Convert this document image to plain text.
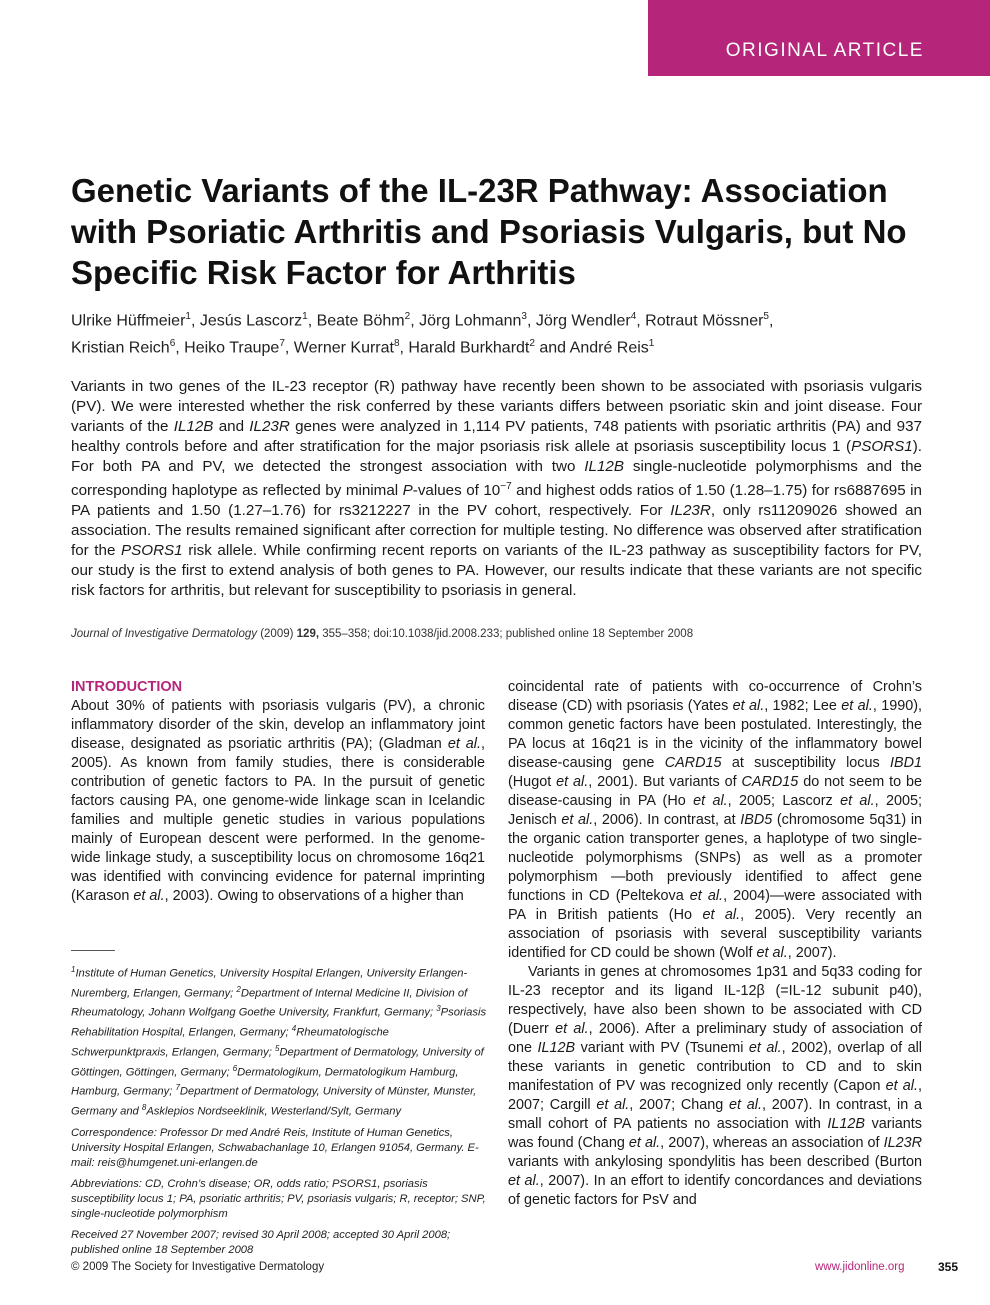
ORIGINAL ARTICLE
Genetic Variants of the IL-23R Pathway: Association with Psoriatic Arthritis and Psoriasis Vulgaris, but No Specific Risk Factor for Arthritis

Ulrike Hüffmeier$^1$, Jesús Lascorz$^1$, Beate Böhm$^2$, Jörg Lohmann$^3$, Jörg Wendler$^4$, Rotraut Mössner$^5$,
Kristian Reich$^6$, Heiko Traupe$^7$, Werner Kurrat$^8$, Harald Burkhardt$^2$ and André Reis$^1$

Variants in two genes of the IL-23 receptor (R) pathway have recently been shown to be associated with psoriasis vulgaris (PV). We were interested whether the risk conferred by these variants differs between psoriatic skin and joint disease. Four variants of the IL12B and IL23R genes were analyzed in 1,114 PV patients, 748 patients with psoriatic arthritis (PA) and 937 healthy controls before and after stratification for the major psoriasis risk allele at psoriasis susceptibility locus 1 (PSORS1). For both PA and PV, we detected the strongest association with two IL12B single-nucleotide polymorphisms and the corresponding haplotype as reflected by minimal P-values of $10^{-7}$ and highest odds ratios of 1.50 (1.28–1.75) for rs6887695 in PA patients and 1.50 (1.27–1.76) for rs3212227 in the PV cohort, respectively. For IL23R, only rs11209026 showed an association. The results remained significant after correction for multiple testing. No difference was observed after stratification for the PSORS1 risk allele. While confirming recent reports on variants of the IL-23 pathway as susceptibility factors for PV, our study is the first to extend analysis of both genes to PA. However, our results indicate that these variants are not specific risk factors for arthritis, but relevant for susceptibility to psoriasis in general.

Journal of Investigative Dermatology (2009) 129, 355–358; doi:10.1038/jid.2008.233; published online 18 September 2008

INTRODUCTION

About 30% of patients with psoriasis vulgaris (PV), a chronic inflammatory disorder of the skin, develop an inflammatory joint disease, designated as psoriatic arthritis (PA); (Gladman et al., 2005). As known from family studies, there is considerable contribution of genetic factors to PA. In the pursuit of genetic factors causing PA, one genome-wide linkage scan in Icelandic families and multiple genetic studies in various populations mainly of European descent were performed. In the genome-wide linkage study, a susceptibility locus on chromosome 16q21 was identified with convincing evidence for paternal imprinting (Karason et al., 2003). Owing to observations of a higher than

$^1$Institute of Human Genetics, University Hospital Erlangen, University Erlangen-Nuremberg, Erlangen, Germany; $^2$Department of Internal Medicine II, Division of Rheumatology, Johann Wolfgang Goethe University, Frankfurt, Germany; $^3$Psoriasis Rehabilitation Hospital, Erlangen, Germany; $^4$Rheumatologische Schwerpunktpraxis, Erlangen, Germany; $^5$Department of Dermatology, University of Göttingen, Göttingen, Germany; $^6$Dermatologikum, Dermatologikum Hamburg, Hamburg, Germany; $^7$Department of Dermatology, University of Münster, Munster, Germany and $^8$Asklepios Nordseeklinik, Westerland/Sylt, Germany

Correspondence: Professor Dr med André Reis, Institute of Human Genetics, University Hospital Erlangen, Schwabachanlage 10, Erlangen 91054, Germany. E-mail: reis@humgenet.uni-erlangen.de

Abbreviations: CD, Crohn’s disease; OR, odds ratio; PSORS1, psoriasis susceptibility locus 1; PA, psoriatic arthritis; PV, psoriasis vulgaris; R, receptor; SNP, single-nucleotide polymorphism

Received 27 November 2007; revised 30 April 2008; accepted 30 April 2008; published online 18 September 2008

coincidental rate of patients with co-occurrence of Crohn’s disease (CD) with psoriasis (Yates et al., 1982; Lee et al., 1990), common genetic factors have been postulated. Interestingly, the PA locus at 16q21 is in the vicinity of the inflammatory bowel disease-causing gene CARD15 at susceptibility locus IBD1 (Hugot et al., 2001). But variants of CARD15 do not seem to be disease-causing in PA (Ho et al., 2005; Lascorz et al., 2005; Jenisch et al., 2006). In contrast, at IBD5 (chromosome 5q31) in the organic cation transporter genes, a haplotype of two single-nucleotide polymorphisms (SNPs) as well as a promoter polymorphism —both previously identified to affect gene functions in CD (Peltekova et al., 2004)—were associated with PA in British patients (Ho et al., 2005). Very recently an association of psoriasis with several susceptibility variants identified for CD could be shown (Wolf et al., 2007).

Variants in genes at chromosomes 1p31 and 5q33 coding for IL-23 receptor and its ligand IL-12β (=IL-12 subunit p40), respectively, have also been shown to be associated with CD (Duerr et al., 2006). After a preliminary study of association of one IL12B variant with PV (Tsunemi et al., 2002), overlap of all these variants in genetic contribution to CD and to skin manifestation of PV was recognized only recently (Capon et al., 2007; Cargill et al., 2007; Chang et al., 2007). In contrast, in a small cohort of PA patients no association with IL12B variants was found (Chang et al., 2007), whereas an association of IL23R variants with ankylosing spondylitis has been described (Burton et al., 2007). In an effort to identify concordances and deviations of genetic factors for PsV and

© 2009 The Society for Investigative Dermatology	www.jidonline.org	355
